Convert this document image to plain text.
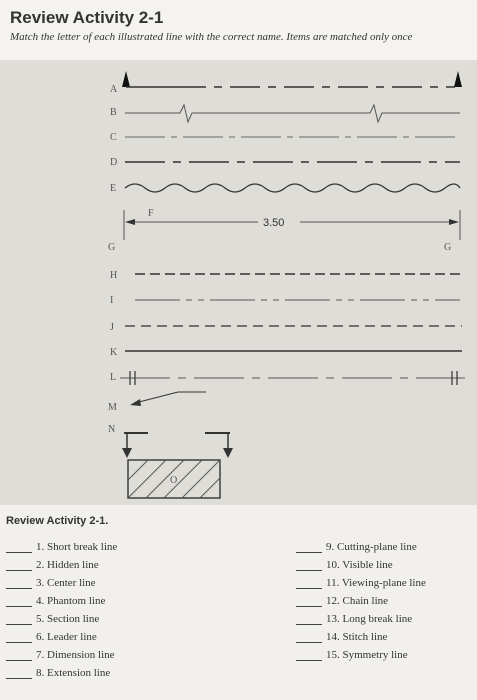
Review Activity 2-1
Match the letter of each illustrated line with the correct name. Items are matched only once
A
B
C
D
E
F
G
H
I
J
K
L
M
N
3.50
G
O
Review Activity 2-1.
1. Short break line
2. Hidden line
3. Center line
4. Phantom line
5. Section line
6. Leader line
7. Dimension line
8. Extension line
9. Cutting-plane line
10. Visible line
11. Viewing-plane line
12. Chain line
13. Long break line
14. Stitch line
15. Symmetry line
